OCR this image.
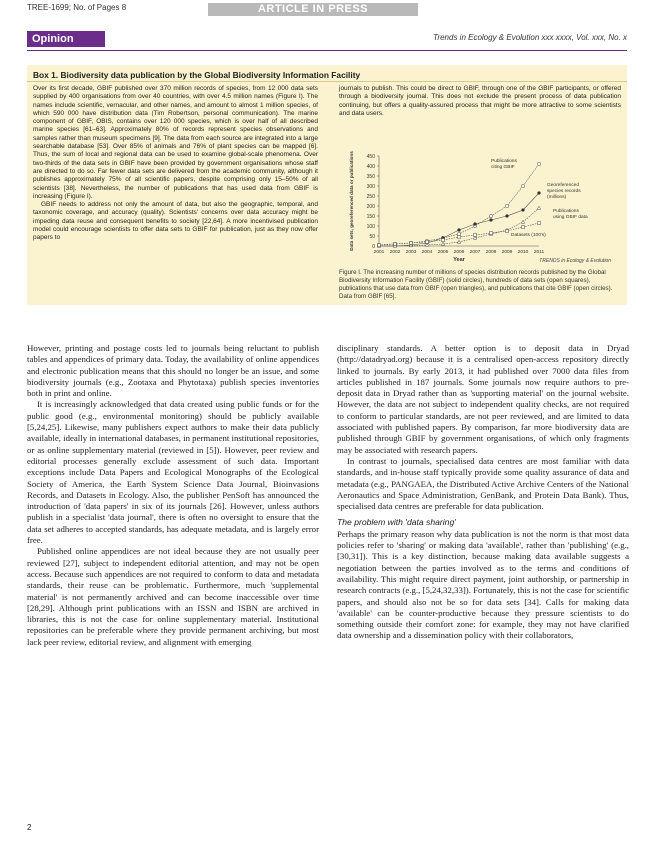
TREE-1699; No. of Pages 8	ARTICLE IN PRESS
Opinion	Trends in Ecology & Evolution xxx xxxx, Vol. xxx, No. x
Box 1. Biodiversity data publication by the Global Biodiversity Information Facility

Over its first decade, GBIF published over 370 million records of species, from 12 000 data sets supplied by 400 organisations from over 40 countries, with over 4.5 million names (Figure I). The names include scientific, vernacular, and other names, and amount to almost 1 million species, of which 590 000 have distribution data (Tim Robertson, personal communication). The marine component of GBIF, OBIS, contains over 120 000 species, which is over half of all described marine species [61–63]. Approximately 80% of records represent species observations and samples rather than museum specimens [9]. The data from each source are integrated into a large searchable database [53]. Over 85% of animals and 76% of plant species can be mapped [6]. Thus, the sum of local and regional data can be used to examine global-scale phenomena. Over two-thirds of the data sets in GBIF have been provided by government organisations whose staff are directed to do so. Far fewer data sets are delivered from the academic community, although it publishes approximately 75% of all scientific papers, despite comprising only 15–50% of all scientists [38]. Nevertheless, the number of publications that has used data from GBIF is increasing (Figure I).

GBIF needs to address not only the amount of data, but also the geographic, temporal, and taxonomic coverage, and accuracy (quality). Scientists' concerns over data accuracy might be impeding data reuse and consequent benefits to society [22,64]. A more incentivised publication model could encourage scientists to offer data sets to GBIF for publication, just as they now offer papers to

journals to publish. This could be direct to GBIF, through one of the GBIF participants, or offered through a biodiversity journal. This does not exclude the present process of data publication continuing, but offers a quality-assured process that might be more attractive to some scientists and data users.

0
50
100
150
200
250
300
350
400
450
2001 2002 2003 2004 2005 2006 2007 2008 2009 2010 2011
Year
Data sets, georeferenced data or publications
TRENDS in Ecology & Evolution
Publications
citing GBIF
Georeferenced
species records
(millions)
Publications
using GBIF data
Datasets (100's)
Figure I. The increasing number of millions of species distribution records published by the Global Biodiversity Information Facility (GBIF) (solid circles), hundreds of data sets (open squares), publications that use data from GBIF (open triangles), and publications that cite GBIF (open circles). Data from GBIF [65].

However, printing and postage costs led to journals being reluctant to publish tables and appendices of primary data. Today, the availability of online appendices and electronic publication means that this should no longer be an issue, and some biodiversity journals (e.g., Zootaxa and Phytotaxa) publish species inventories both in print and online.

It is increasingly acknowledged that data created using public funds or for the public good (e.g., environmental monitoring) should be publicly available [5,24,25]. Likewise, many publishers expect authors to make their data publicly available, ideally in international databases, in permanent institutional repositories, or as online supplementary material (reviewed in [5]). However, peer review and editorial processes generally exclude assessment of such data. Important exceptions include Data Papers and Ecological Monographs of the Ecological Society of America, the Earth System Science Data Journal, Bioinvasions Records, and Datasets in Ecology. Also, the publisher PenSoft has announced the introduction of 'data papers' in six of its journals [26]. However, unless authors publish in a specialist 'data journal', there is often no oversight to ensure that the data set adheres to accepted standards, has adequate metadata, and is largely error free.

Published online appendices are not ideal because they are not usually peer reviewed [27], subject to independent editorial attention, and may not be open access. Because such appendices are not required to conform to data and metadata standards, their reuse can be problematic. Furthermore, much 'supplemental material' is not permanently archived and can become inaccessible over time [28,29]. Although print publications with an ISSN and ISBN are archived in libraries, this is not the case for online supplementary material. Institutional repositories can be preferable where they provide permanent archiving, but most lack peer review, editorial review, and alignment with emerging

disciplinary standards. A better option is to deposit data in Dryad (http://datadryad.org) because it is a centralised open-access repository directly linked to journals. By early 2013, it had published over 7000 data files from articles published in 187 journals. Some journals now require authors to pre-deposit data in Dryad rather than as 'supporting material' on the journal website. However, the data are not subject to independent quality checks, are not required to conform to particular standards, are not peer reviewed, and are limited to data associated with published papers. By comparison, far more biodiversity data are published through GBIF by government organisations, of which only fragments may be associated with research papers.

In contrast to journals, specialised data centres are most familiar with data standards, and in-house staff typically provide some quality assurance of data and metadata (e.g., PANGAEA, the Distributed Active Archive Centers of the National Aeronautics and Space Administration, GenBank, and Protein Data Bank). Thus, specialised data centres are preferable for data publication.

The problem with 'data sharing'

Perhaps the primary reason why data publication is not the norm is that most data policies refer to 'sharing' or making data 'available', rather than 'publishing' (e.g., [30,31]). This is a key distinction, because making data available suggests a negotiation between the parties involved as to the terms and conditions of availability. This might require direct payment, joint authorship, or partnership in research contracts (e.g., [5,24,32,33]). Fortunately, this is not the case for scientific papers, and should also not be so for data sets [34]. Calls for making data 'available' can be counter-productive because they pressure scientists to do something outside their comfort zone: for example, they may not have clarified data ownership and a dissemination policy with their collaborators,

2
